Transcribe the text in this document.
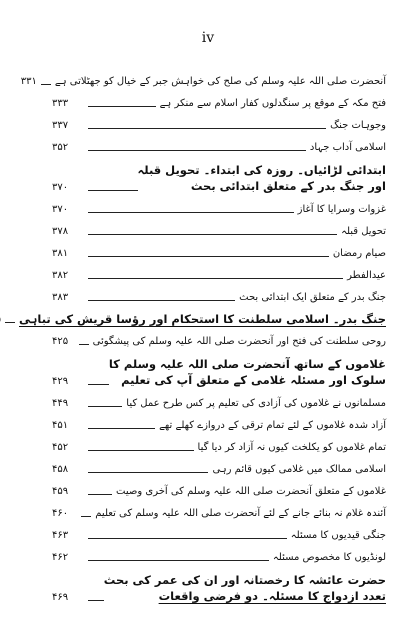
iv
آنحضرت صلی اللہ علیہ وسلم کی صلح کی خواہش جبر کے خیال کو جھٹلاتی ہے
۳۳۱
فتح مکہ کے موقع پر سنگدلوں کفار اسلام سے منکر ہے
۳۳۳
وجوہات جنگ
۳۳۷
اسلامی آداب جہاد
۳۵۲
ابتدائی لڑائیاں۔ روزہ کی ابتداء۔ تحویل قبلہ
اور جنگ بدر کے متعلق ابتدائی بحث
۳۷۰
غزوات وسرایا کا آغاز
۳۷۰
تحویل قبلہ
۳۷۸
صیام رمضان
۳۸۱
عیدالفطر
۳۸۲
جنگ بدر کے متعلق ایک ابتدائی بحث
۳۸۳
جنگ بدر۔ اسلامی سلطنت کا استحکام اور رؤسا قریش کی تباہی
روحی سلطنت کی فتح اور آنحضرت صلی اللہ علیہ وسلم کی پیشگوئی
۴۲۵
غلاموں کے ساتھ آنحضرت صلی اللہ علیہ وسلم کا
سلوک اور مسئلہ غلامی کے متعلق آپ کی تعلیم
۴۲۹
مسلمانوں نے غلاموں کی آزادی کی تعلیم پر کس طرح عمل کیا
۴۴۹
آزاد شدہ غلاموں کے لئے تمام ترقی کے دروازے کھلے تھے
۴۵۱
تمام غلاموں کو یکلخت کیوں نہ آزاد کر دیا گیا
۴۵۲
اسلامی ممالک میں غلامی کیوں قائم رہی
۴۵۸
غلاموں کے متعلق آنحضرت صلی اللہ علیہ وسلم کی آخری وصیت
۴۵۹
آئندہ غلام نہ بنائے جانے کے لئے آنحضرت صلی اللہ علیہ وسلم کی تعلیم
۴۶۰
جنگی قیدیوں کا مسئلہ
۴۶۳
لونڈیوں کا مخصوص مسئلہ
۴۶۲
حضرت عائشہ کا رخصتانہ اور ان کی عمر کی بحث
تعدد ازدواج کا مسئلہ۔ دو فرضی واقعات
۴۶۹
